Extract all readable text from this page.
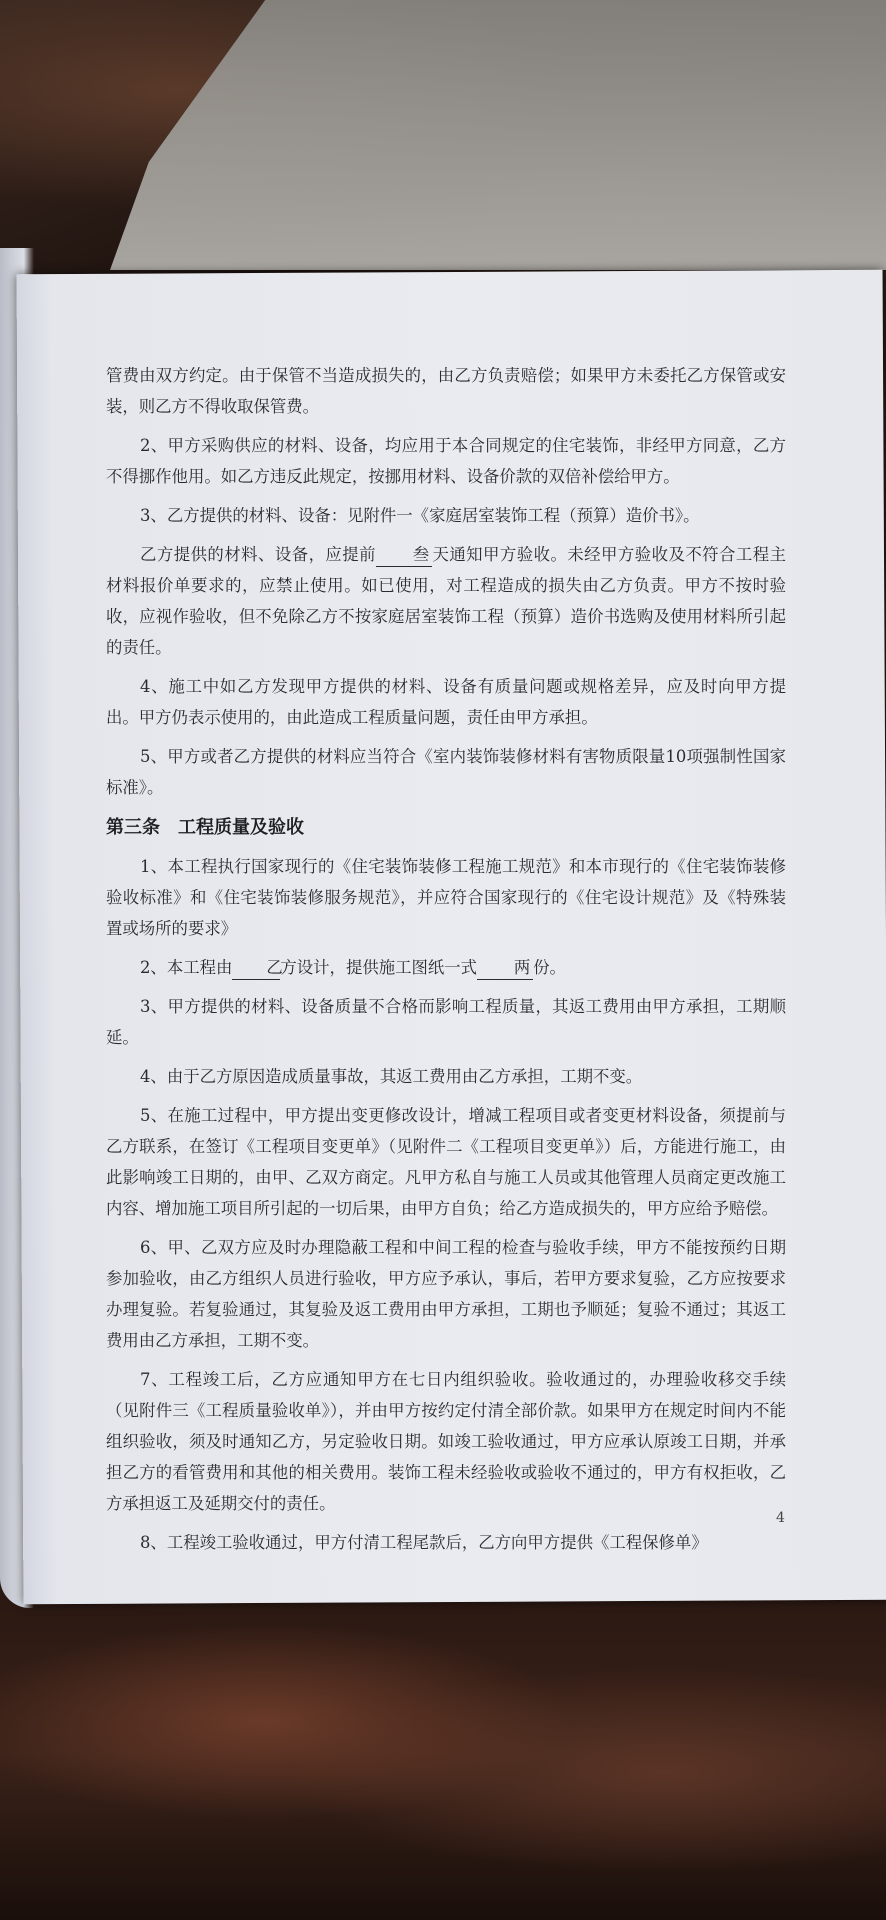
管费由双方约定。由于保管不当造成损失的，由乙方负责赔偿；如果甲方未委托乙方保管或安装，则乙方不得收取保管费。

2、甲方采购供应的材料、设备，均应用于本合同规定的住宅装饰，非经甲方同意，乙方不得挪作他用。如乙方违反此规定，按挪用材料、设备价款的双倍补偿给甲方。

3、乙方提供的材料、设备：见附件一《家庭居室装饰工程（预算）造价书》。

乙方提供的材料、设备，应提前 叁 天通知甲方验收。未经甲方验收及不符合工程主材料报价单要求的，应禁止使用。如已使用，对工程造成的损失由乙方负责。甲方不按时验收，应视作验收，但不免除乙方不按家庭居室装饰工程（预算）造价书选购及使用材料所引起的责任。

4、施工中如乙方发现甲方提供的材料、设备有质量问题或规格差异，应及时向甲方提出。甲方仍表示使用的，由此造成工程质量问题，责任由甲方承担。

5、甲方或者乙方提供的材料应当符合《室内装饰装修材料有害物质限量10项强制性国家标准》。

第三条　工程质量及验收

1、本工程执行国家现行的《住宅装饰装修工程施工规范》和本市现行的《住宅装饰装修验收标准》和《住宅装饰装修服务规范》，并应符合国家现行的《住宅设计规范》及《特殊装置或场所的要求》

2、本工程由 乙方设计，提供施工图纸一式 两 份。

3、甲方提供的材料、设备质量不合格而影响工程质量，其返工费用由甲方承担，工期顺延。

4、由于乙方原因造成质量事故，其返工费用由乙方承担，工期不变。

5、在施工过程中，甲方提出变更修改设计，增减工程项目或者变更材料设备，须提前与乙方联系，在签订《工程项目变更单》（见附件二《工程项目变更单》）后，方能进行施工，由此影响竣工日期的，由甲、乙双方商定。凡甲方私自与施工人员或其他管理人员商定更改施工内容、增加施工项目所引起的一切后果，由甲方自负；给乙方造成损失的，甲方应给予赔偿。

6、甲、乙双方应及时办理隐蔽工程和中间工程的检查与验收手续，甲方不能按预约日期参加验收，由乙方组织人员进行验收，甲方应予承认，事后，若甲方要求复验，乙方应按要求办理复验。若复验通过，其复验及返工费用由甲方承担，工期也予顺延；复验不通过；其返工费用由乙方承担，工期不变。

7、工程竣工后，乙方应通知甲方在七日内组织验收。验收通过的，办理验收移交手续（见附件三《工程质量验收单》），并由甲方按约定付清全部价款。如果甲方在规定时间内不能组织验收，须及时通知乙方，另定验收日期。如竣工验收通过，甲方应承认原竣工日期，并承担乙方的看管费用和其他的相关费用。装饰工程未经验收或验收不通过的，甲方有权拒收，乙方承担返工及延期交付的责任。

8、工程竣工验收通过，甲方付清工程尾款后，乙方向甲方提供《工程保修单》

4
